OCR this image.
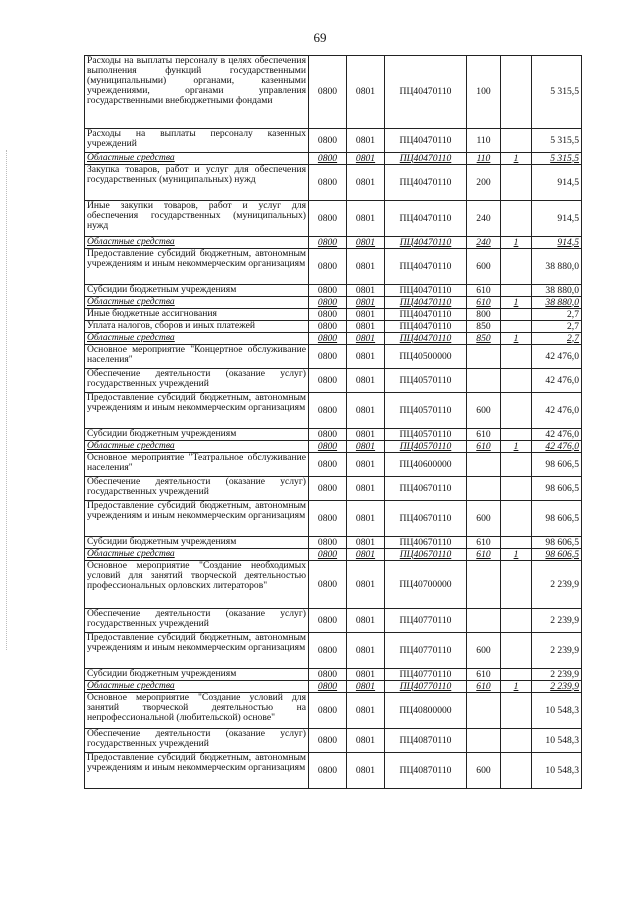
69
Расходы на выплаты персоналу в целях обеспечения выполнения функций государственными (муниципальными) органами, казенными учреждениями, органами управления государственными внебюджетными фондами	0800	0801	ПЦ40470110	100		5 315,5
Расходы на выплаты персоналу казенных учреждений	0800	0801	ПЦ40470110	110		5 315,5
Областные средства	0800	0801	ПЦ40470110	110	1	5 315,5
Закупка товаров, работ и услуг для обеспечения государственных (муниципальных) нужд	0800	0801	ПЦ40470110	200		914,5
Иные закупки товаров, работ и услуг для обеспечения государственных (муниципальных) нужд	0800	0801	ПЦ40470110	240		914,5
Областные средства	0800	0801	ПЦ40470110	240	1	914,5
Предоставление субсидий бюджетным, автономным учреждениям и иным некоммерческим организациям	0800	0801	ПЦ40470110	600		38 880,0
Субсидии бюджетным учреждениям	0800	0801	ПЦ40470110	610		38 880,0
Областные средства	0800	0801	ПЦ40470110	610	1	38 880,0
Иные бюджетные ассигнования	0800	0801	ПЦ40470110	800		2,7
Уплата налогов, сборов и иных платежей	0800	0801	ПЦ40470110	850		2,7
Областные средства	0800	0801	ПЦ40470110	850	1	2,7
Основное мероприятие "Концертное обслуживание населения"	0800	0801	ПЦ40500000			42 476,0
Обеспечение деятельности (оказание услуг) государственных учреждений	0800	0801	ПЦ40570110			42 476,0
Предоставление субсидий бюджетным, автономным учреждениям и иным некоммерческим организациям	0800	0801	ПЦ40570110	600		42 476,0
Субсидии бюджетным учреждениям	0800	0801	ПЦ40570110	610		42 476,0
Областные средства	0800	0801	ПЦ40570110	610	1	42 476,0
Основное мероприятие "Театральное обслуживание населения"	0800	0801	ПЦ40600000			98 606,5
Обеспечение деятельности (оказание услуг) государственных учреждений	0800	0801	ПЦ40670110			98 606,5
Предоставление субсидий бюджетным, автономным учреждениям и иным некоммерческим организациям	0800	0801	ПЦ40670110	600		98 606,5
Субсидии бюджетным учреждениям	0800	0801	ПЦ40670110	610		98 606,5
Областные средства	0800	0801	ПЦ40670110	610	1	98 606,5
Основное мероприятие "Создание необходимых условий для занятий творческой деятельностью профессиональных орловских литераторов"	0800	0801	ПЦ40700000			2 239,9
Обеспечение деятельности (оказание услуг) государственных учреждений	0800	0801	ПЦ40770110			2 239,9
Предоставление субсидий бюджетным, автономным учреждениям и иным некоммерческим организациям	0800	0801	ПЦ40770110	600		2 239,9
Субсидии бюджетным учреждениям	0800	0801	ПЦ40770110	610		2 239,9
Областные средства	0800	0801	ПЦ40770110	610	1	2 239,9
Основное мероприятие "Создание условий для занятий творческой деятельностью на непрофессиональной (любительской) основе"	0800	0801	ПЦ40800000			10 548,3
Обеспечение деятельности (оказание услуг) государственных учреждений	0800	0801	ПЦ40870110			10 548,3
Предоставление субсидий бюджетным, автономным учреждениям и иным некоммерческим организациям	0800	0801	ПЦ40870110	600		10 548,3
